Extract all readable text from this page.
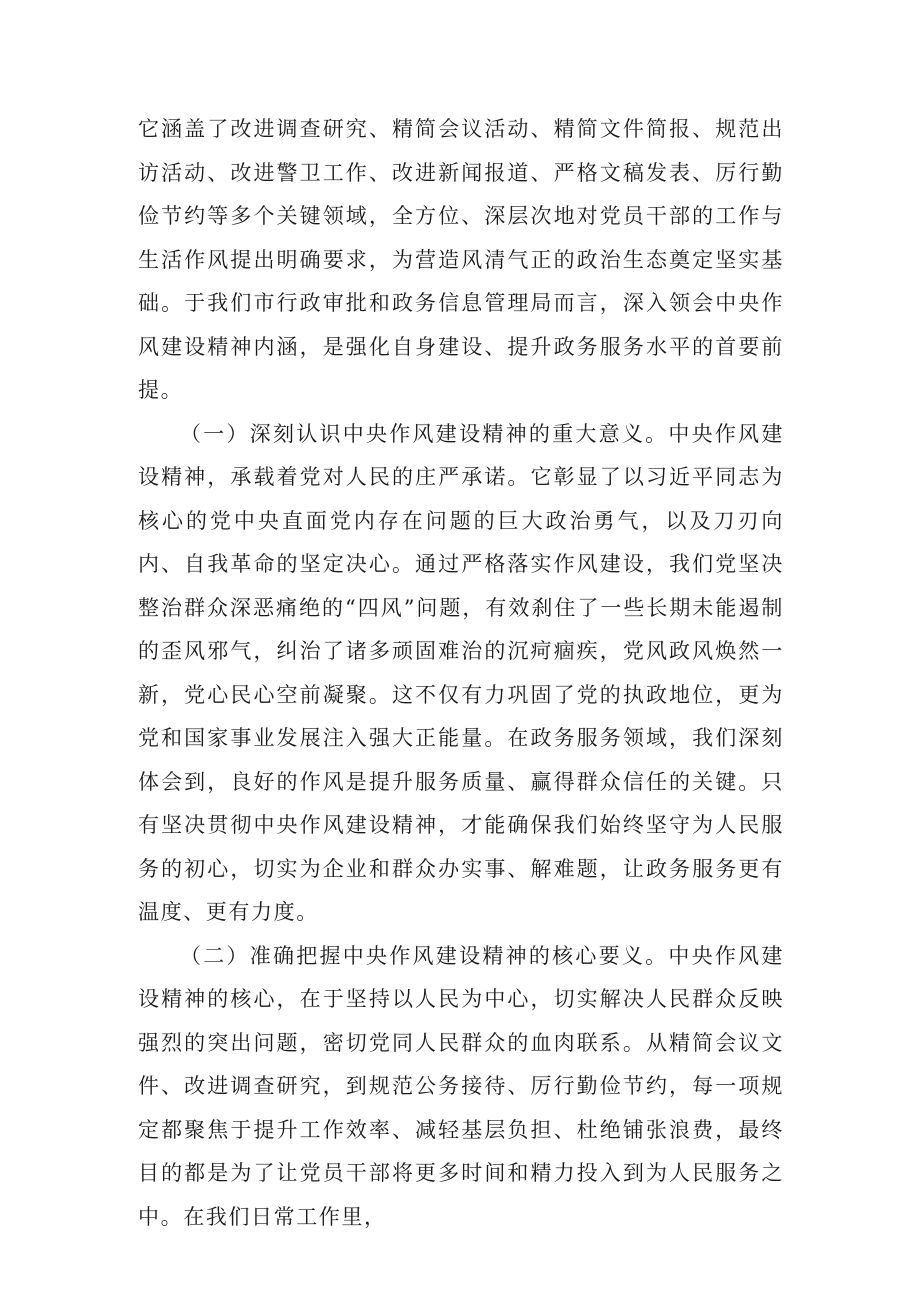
它涵盖了改进调查研究、精简会议活动、精简文件简报、规范出访活动、改进警卫工作、改进新闻报道、严格文稿发表、厉行勤俭节约等多个关键领域，全方位、深层次地对党员干部的工作与生活作风提出明确要求，为营造风清气正的政治生态奠定坚实基础。于我们市行政审批和政务信息管理局而言，深入领会中央作风建设精神内涵，是强化自身建设、提升政务服务水平的首要前提。

（一）深刻认识中央作风建设精神的重大意义。中央作风建设精神，承载着党对人民的庄严承诺。它彰显了以习近平同志为核心的党中央直面党内存在问题的巨大政治勇气，以及刀刃向内、自我革命的坚定决心。通过严格落实作风建设，我们党坚决整治群众深恶痛绝的“四风”问题，有效刹住了一些长期未能遏制的歪风邪气，纠治了诸多顽固难治的沉疴痼疾，党风政风焕然一新，党心民心空前凝聚。这不仅有力巩固了党的执政地位，更为党和国家事业发展注入强大正能量。在政务服务领域，我们深刻体会到，良好的作风是提升服务质量、赢得群众信任的关键。只有坚决贯彻中央作风建设精神，才能确保我们始终坚守为人民服务的初心，切实为企业和群众办实事、解难题，让政务服务更有温度、更有力度。

（二）准确把握中央作风建设精神的核心要义。中央作风建设精神的核心，在于坚持以人民为中心，切实解决人民群众反映强烈的突出问题，密切党同人民群众的血肉联系。从精简会议文件、改进调查研究，到规范公务接待、厉行勤俭节约，每一项规定都聚焦于提升工作效率、减轻基层负担、杜绝铺张浪费，最终目的都是为了让党员干部将更多时间和精力投入到为人民服务之中。在我们日常工作里，
